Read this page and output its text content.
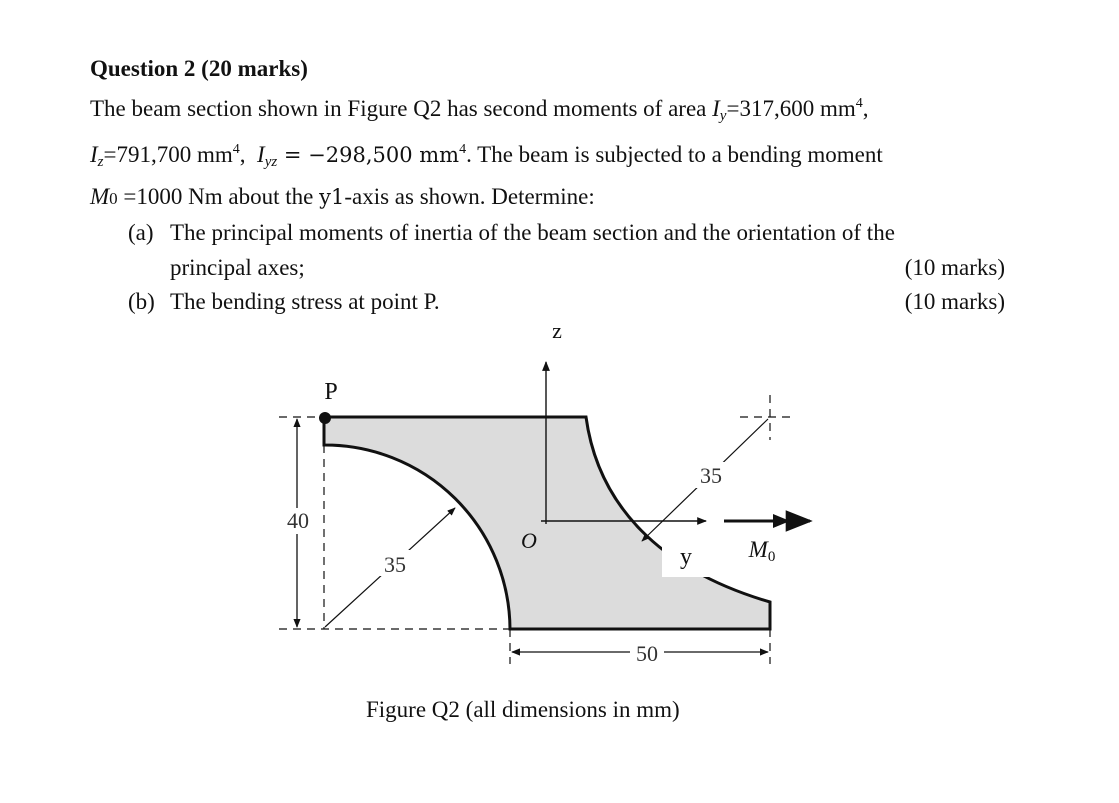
Question 2 (20 marks)

The beam section shown in Figure Q2 has second moments of area $I_y=317,600$ $mm^4$,
$I_z=791,700$ $mm^4$, $I_{yz} = -298,500$ $mm^4$. The beam is subjected to a bending moment
M0 =1000 Nm about the y1-axis as shown. Determine:

(a) The principal moments of inertia of the beam section and the orientation of the
principal axes;	(10 marks)

(b) The bending stress at point P.	(10 marks)

40
50
35
35
P
z
y
O	M0
Figure Q2 (all dimensions in mm)
